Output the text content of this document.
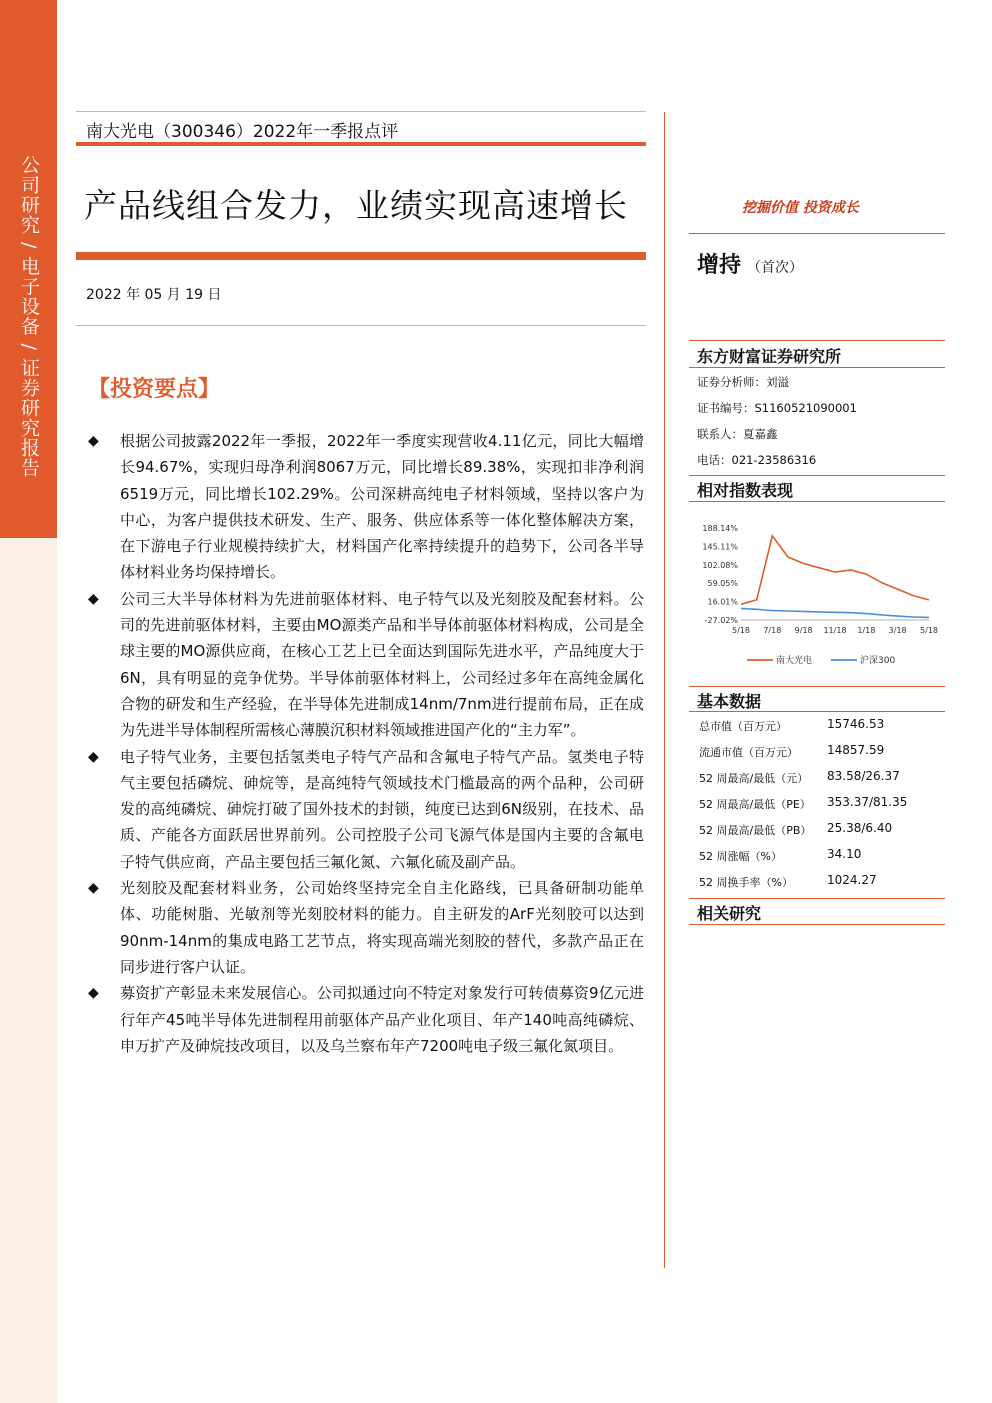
公司研究 / 电子设备 / 证券研究报告
南大光电（300346）2022年一季报点评
产品线组合发力，业绩实现高速增长
2022 年 05 月 19 日
【投资要点】
◆ 根据公司披露2022年一季报，2022年一季度实现营收4.11亿元，同比大幅增长94.67%，实现归母净利润8067万元，同比增长89.38%，实现扣非净利润6519万元，同比增长102.29%。公司深耕高纯电子材料领域，坚持以客户为中心，为客户提供技术研发、生产、服务、供应体系等一体化整体解决方案，在下游电子行业规模持续扩大，材料国产化率持续提升的趋势下，公司各半导体材料业务均保持增长。
◆ 公司三大半导体材料为先进前驱体材料、电子特气以及光刻胶及配套材料。公司的先进前驱体材料，主要由MO源类产品和半导体前驱体材料构成，公司是全球主要的MO源供应商，在核心工艺上已全面达到国际先进水平，产品纯度大于6N，具有明显的竞争优势。半导体前驱体材料上，公司经过多年在高纯金属化合物的研发和生产经验，在半导体先进制成14nm/7nm进行提前布局，正在成为先进半导体制程所需核心薄膜沉积材料领域推进国产化的“主力军”。
◆ 电子特气业务，主要包括氢类电子特气产品和含氟电子特气产品。氢类电子特气主要包括磷烷、砷烷等，是高纯特气领域技术门槛最高的两个品种，公司研发的高纯磷烷、砷烷打破了国外技术的封锁，纯度已达到6N级别，在技术、品质、产能各方面跃居世界前列。公司控股子公司飞源气体是国内主要的含氟电子特气供应商，产品主要包括三氟化氮、六氟化硫及副产品。
◆ 光刻胶及配套材料业务，公司始终坚持完全自主化路线，已具备研制功能单体、功能树脂、光敏剂等光刻胶材料的能力。自主研发的ArF光刻胶可以达到90nm-14nm的集成电路工艺节点，将实现高端光刻胶的替代，多款产品正在同步进行客户认证。
◆ 募资扩产彰显未来发展信心。公司拟通过向不特定对象发行可转债募资9亿元进行年产45吨半导体先进制程用前驱体产品产业化项目、年产140吨高纯磷烷、申万扩产及砷烷技改项目，以及乌兰察布年产7200吨电子级三氟化氮项目。
挖掘价值 投资成长
增持 （首次）
东方财富证券研究所
证券分析师：刘溢
证书编号：S1160521090001
联系人：夏嘉鑫
电话：021-23586316
相对指数表现
188.14%
145.11%
102.08%
59.05%
16.01%
-27.02%
5/18 7/18 9/18 11/18 1/18 3/18 5/18
南大光电	沪深300
基本数据
总市值（百万元）	15746.53
流通市值（百万元） 14857.59
52 周最高/最低（元） 83.58/26.37
52 周最高/最低（PE） 353.37/81.35
52 周最高/最低（PB） 25.38/6.40
52 周涨幅（%）	34.10
52 周换手率（%）	1024.27
相关研究
